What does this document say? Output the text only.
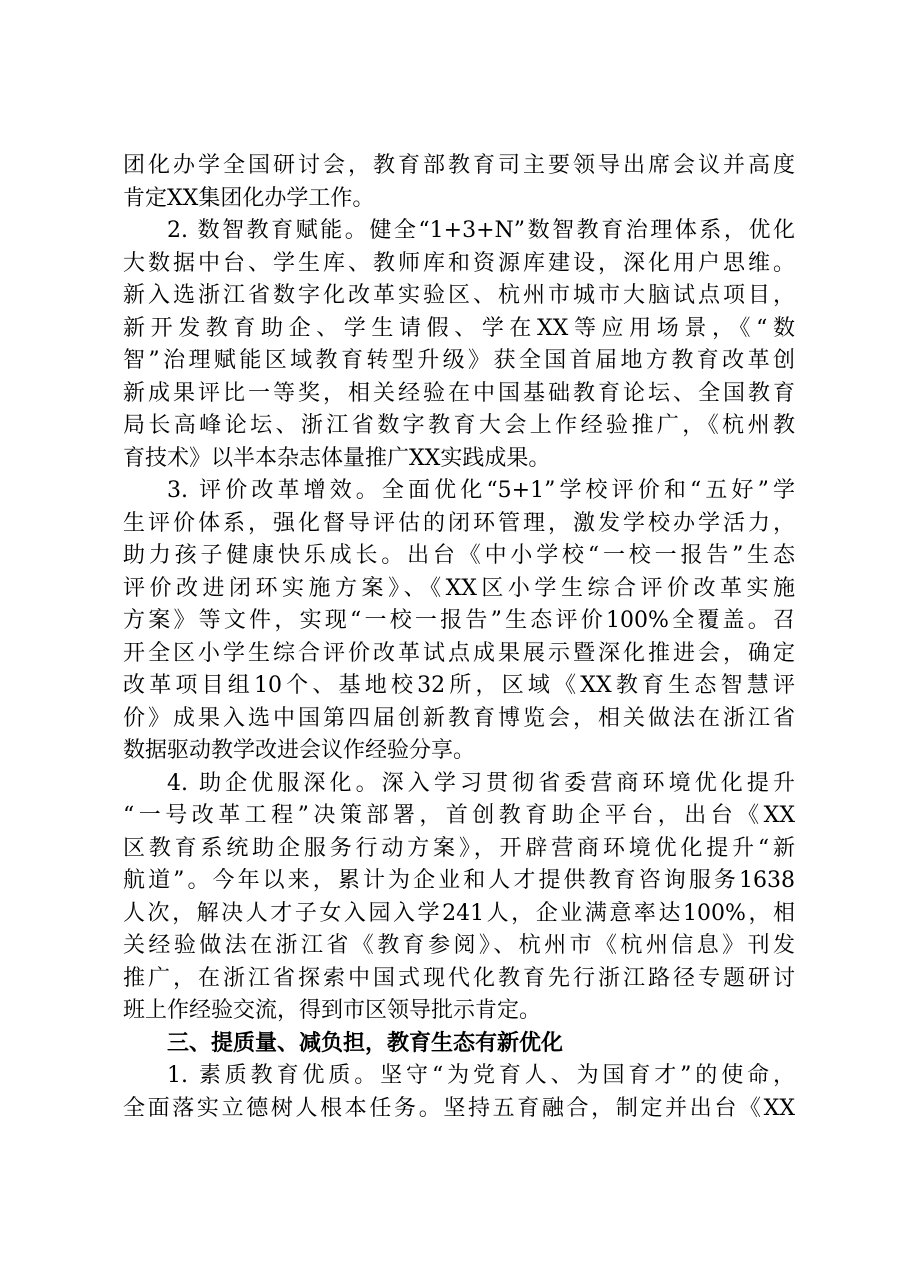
团化办学全国研讨会，教育部教育司主要领导出席会议并高度
肯定XX集团化办学工作。
2. 数智教育赋能。健全“1+3+N”数智教育治理体系，优化
大数据中台、学生库、教师库和资源库建设，深化用户思维。
新入选浙江省数字化改革实验区、杭州市城市大脑试点项目，
新开发教育助企、学生请假、学在XX等应用场景，《“数
智”治理赋能区域教育转型升级》获全国首届地方教育改革创
新成果评比一等奖，相关经验在中国基础教育论坛、全国教育
局长高峰论坛、浙江省数字教育大会上作经验推广，《杭州教
育技术》以半本杂志体量推广XX实践成果。
3. 评价改革增效。全面优化“5+1”学校评价和“五好”学
生评价体系，强化督导评估的闭环管理，激发学校办学活力，
助力孩子健康快乐成长。出台《中小学校“一校一报告”生态
评价改进闭环实施方案》、《XX区小学生综合评价改革实施
方案》等文件，实现“一校一报告”生态评价100%全覆盖。召
开全区小学生综合评价改革试点成果展示暨深化推进会，确定
改革项目组10个、基地校32所，区域《XX教育生态智慧评
价》成果入选中国第四届创新教育博览会，相关做法在浙江省
数据驱动教学改进会议作经验分享。
4. 助企优服深化。深入学习贯彻省委营商环境优化提升
“一号改革工程”决策部署，首创教育助企平台，出台《XX
区教育系统助企服务行动方案》，开辟营商环境优化提升“新
航道”。今年以来，累计为企业和人才提供教育咨询服务1638
人次，解决人才子女入园入学241人，企业满意率达100%，相
关经验做法在浙江省《教育参阅》、杭州市《杭州信息》刊发
推广，在浙江省探索中国式现代化教育先行浙江路径专题研讨
班上作经验交流，得到市区领导批示肯定。
三、提质量、减负担，教育生态有新优化
1. 素质教育优质。坚守“为党育人、为国育才”的使命，
全面落实立德树人根本任务。坚持五育融合，制定并出台《XX
